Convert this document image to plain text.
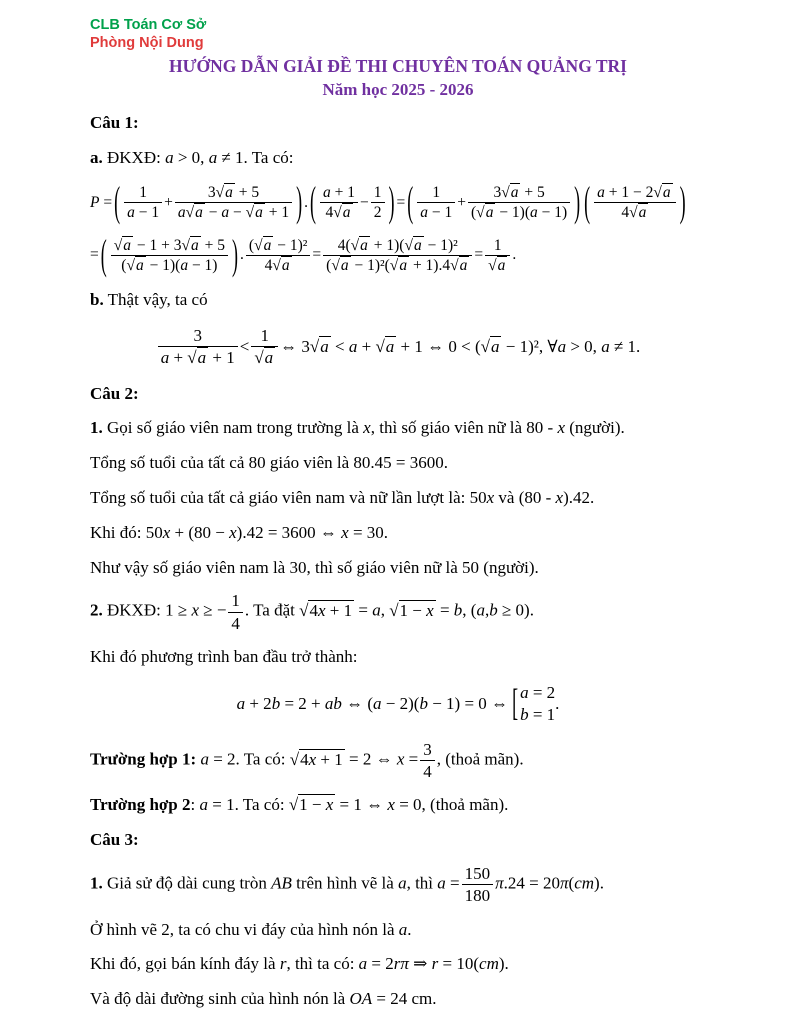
CLB Toán Cơ Sở
Phòng Nội Dung
HƯỚNG DẪN GIẢI ĐỀ THI CHUYÊN TOÁN QUẢNG TRỊ
Năm học 2025 - 2026

Câu 1:

a. ĐKXĐ: a > 0, a ≠ 1. Ta có:

P = ( $\frac{1}{a - 1} + \frac{3 √ a + 5}{a √ a - a - √ a + 1}$ ) . ( $\frac{a + 1}{4 √ a} - \frac{1}{2}$ ) = ( $\frac{1}{a - 1} + \frac{3 √ a + 5}{( √ a - 1)(a - 1)}$ ) ( $\frac{a + 1 - 2 √ a}{4 √ a}$
)
= ( √ $\frac{a - 1 + 3 √ a + 5}{( √ a - 1)(a - 1)}$ ) . $\frac{\text{( √ a − 1)²}}{4 √ a} = \frac{\text{4( √ a + 1)( √ a − 1)²}}{\text{( √ a − 1)²( √ a + 1).4 √ a}} = 1$
√ a .

b. Thật vậy, ta có

$\frac{3}{a + √ a + 1} < 1$
√ a ⇔ 3 √ a < a + √ a + 1 ⇔ 0 < ( √ a − 1)², ∀a > 0, a ≠ 1.

Câu 2:

1. Gọi số giáo viên nam trong trường là x, thì số giáo viên nữ là 80 - x (người).

Tổng số tuổi của tất cả 80 giáo viên là 80.45 = 3600.

Tổng số tuổi của tất cả giáo viên nam và nữ lần lượt là: 50x và (80 - x).42.

Khi đó: 50x + (80 − x).42 = 3600 ⇔ x = 30.

Như vậy số giáo viên nam là 30, thì số giáo viên nữ là 50 (người).

2. ĐKXĐ: 1 ≥ x ≥ − $\frac{1}{4}$ . Ta đặt √ 4x + 1 = a, √ 1 − x = b, (a,b ≥ 0).

Khi đó phương trình ban đầu trở thành:

a + 2b = 2 + ab ⇔ (a − 2)(b − 1) = 0 ⇔
[
a = 2
b = 1
.

Trường hợp 1: a = 2. Ta có: √ 4x + 1 = 2 ⇔ $x = \frac{3}{4}$ , (thoả mãn).

Trường hợp 2: a = 1. Ta có: √ 1 − x = 1 ⇔ x = 0, (thoả mãn).

Câu 3:

1. Giả sử độ dài cung tròn AB trên hình vẽ là a, thì $a = \frac{150}{180} \pi.24 = 20\pi(cm)$.

Ở hình vẽ 2, ta có chu vi đáy của hình nón là a.

Khi đó, gọi bán kính đáy là r, thì ta có: a = 2rπ ⇒ r = 10(cm).

Và độ dài đường sinh của hình nón là OA = 24 cm.
